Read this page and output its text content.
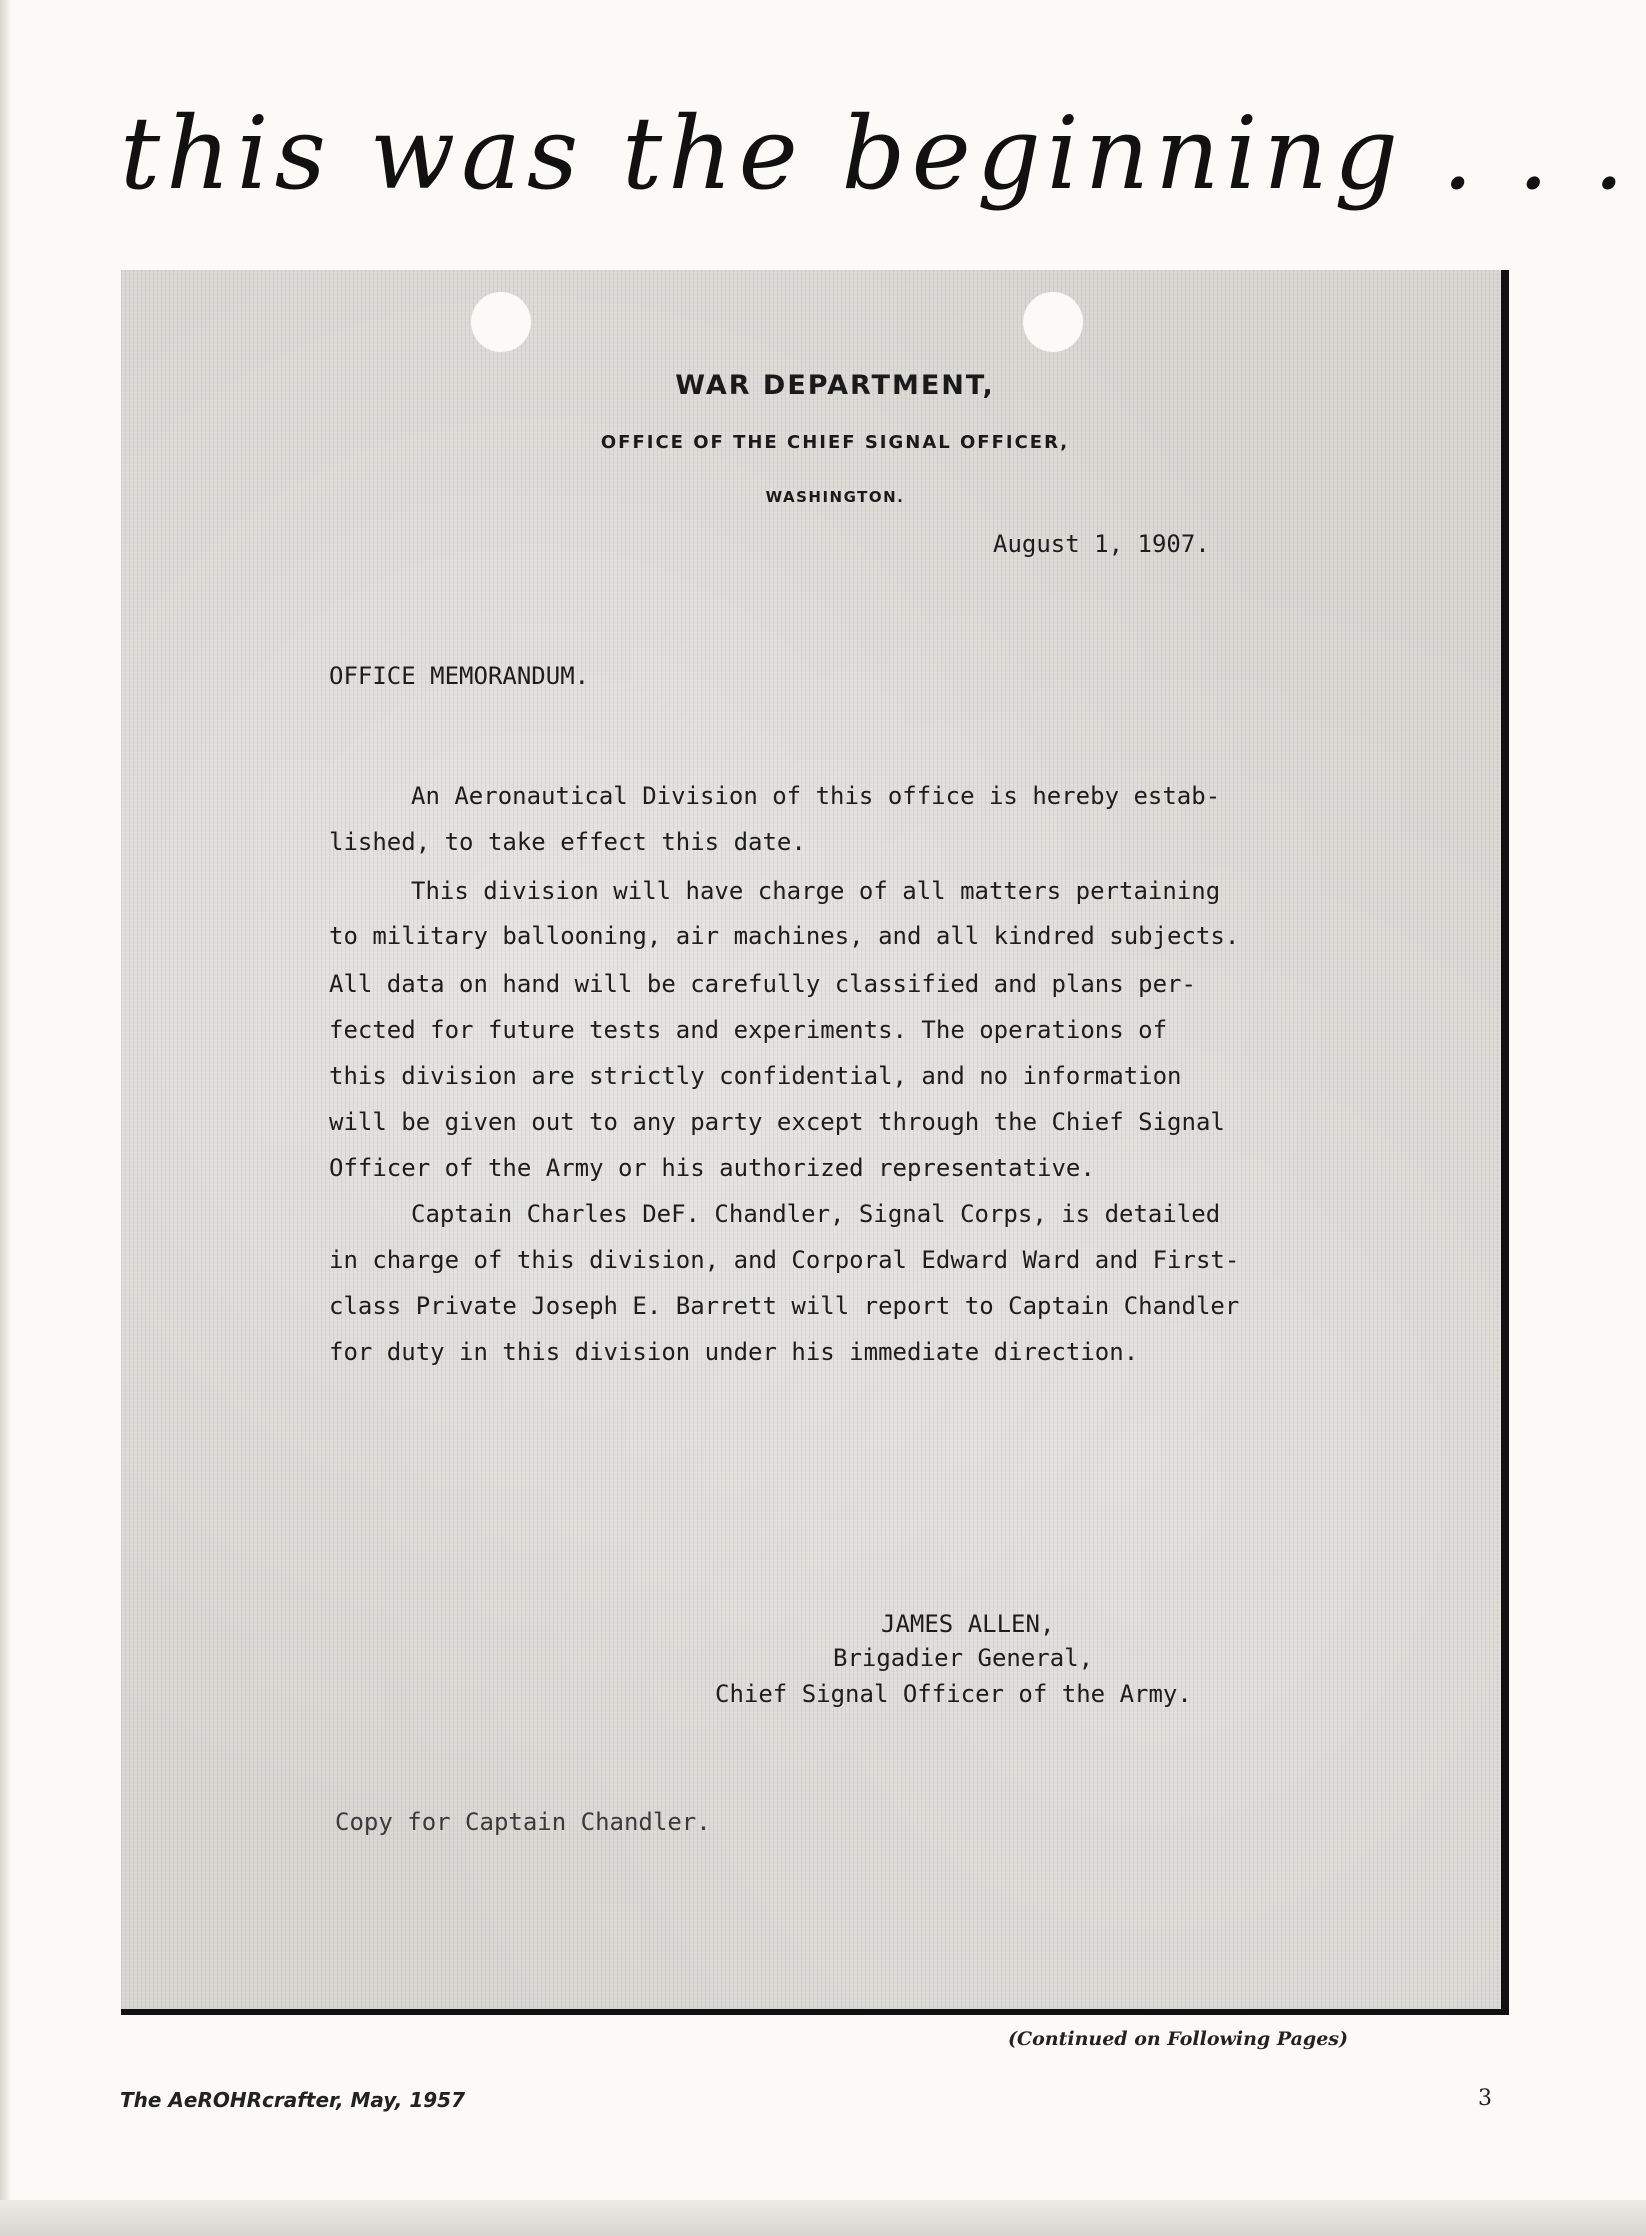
this was the beginning . . .
WAR DEPARTMENT,
OFFICE OF THE CHIEF SIGNAL OFFICER,
WASHINGTON.
August 1, 1907.
OFFICE MEMORANDUM.
An Aeronautical Division of this office is hereby estab-
lished, to take effect this date.
This division will have charge of all matters pertaining
to military ballooning, air machines, and all kindred subjects.
All data on hand will be carefully classified and plans per-
fected for future tests and experiments. The operations of
this division are strictly confidential, and no information
will be given out to any party except through the Chief Signal
Officer of the Army or his authorized representative.
Captain Charles DeF. Chandler, Signal Corps, is detailed
in charge of this division, and Corporal Edward Ward and First-
class Private Joseph E. Barrett will report to Captain Chandler
for duty in this division under his immediate direction.
JAMES ALLEN,
Brigadier General,
Chief Signal Officer of the Army.
Copy for Captain Chandler.
(Continued on Following Pages)
The AeROHRcrafter, May, 1957	3
